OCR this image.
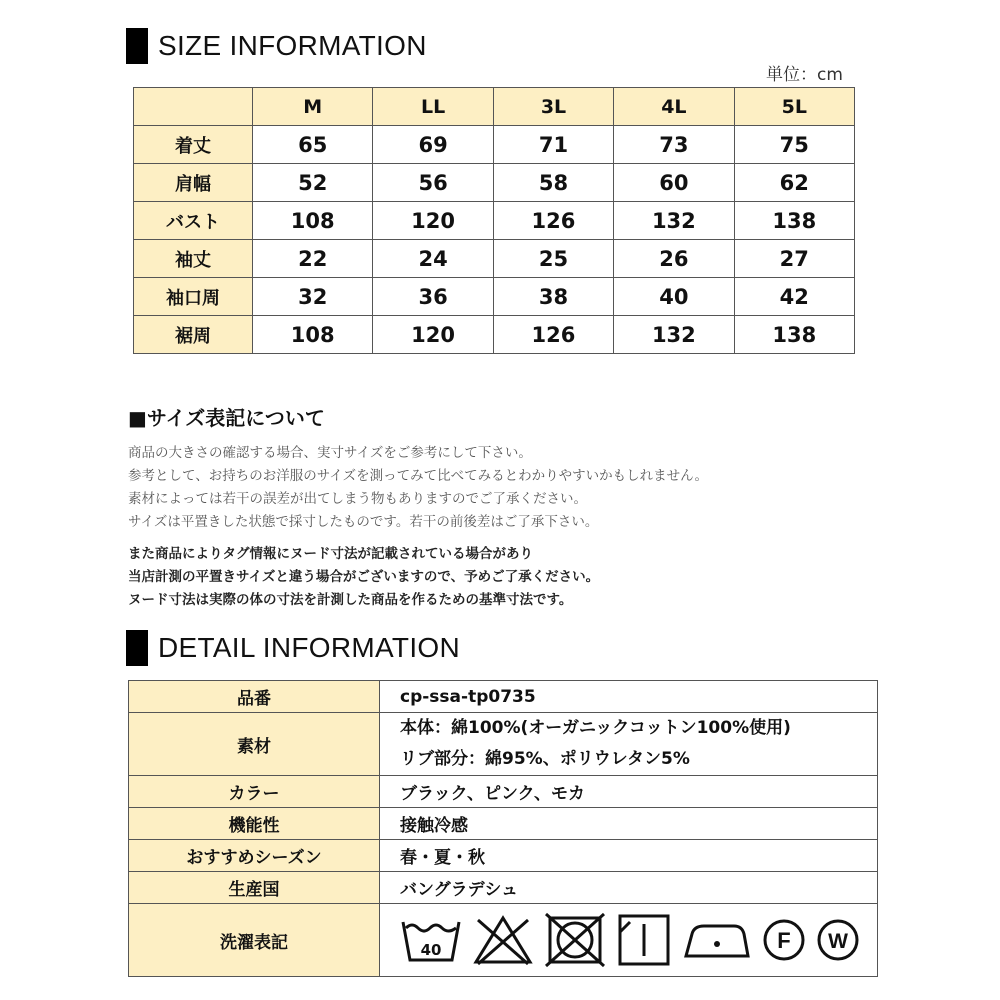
SIZE INFORMATION
単位：cm
	M	LL	3L	4L	5L
着丈	65	69	71	73	75
肩幅	52	56	58	60	62
バスト	108	120	126	132	138
袖丈	22	24	25	26	27
袖口周	32	36	38	40	42
裾周	108	120	126	132	138
■サイズ表記について
商品の大きさの確認する場合、実寸サイズをご参考にして下さい。
参考として、お持ちのお洋服のサイズを測ってみて比べてみるとわかりやすいかもしれません。
素材によっては若干の誤差が出てしまう物もありますのでご了承ください。
サイズは平置きした状態で採寸したものです。若干の前後差はご了承下さい。
また商品によりタグ情報にヌード寸法が記載されている場合があり
当店計測の平置きサイズと違う場合がございますので、予めご了承ください。
ヌード寸法は実際の体の寸法を計測した商品を作るための基準寸法です。
DETAIL INFORMATION
品番	cp-ssa-tp0735
素材	本体：綿100%(オーガニックコットン100%使用)
リブ部分：綿95%、ポリウレタン5%

カラー	ブラック、ピンク、モカ
機能性	接触冷感
おすすめシーズン	春・夏・秋
生産国	バングラデシュ
洗濯表記	40 F W
